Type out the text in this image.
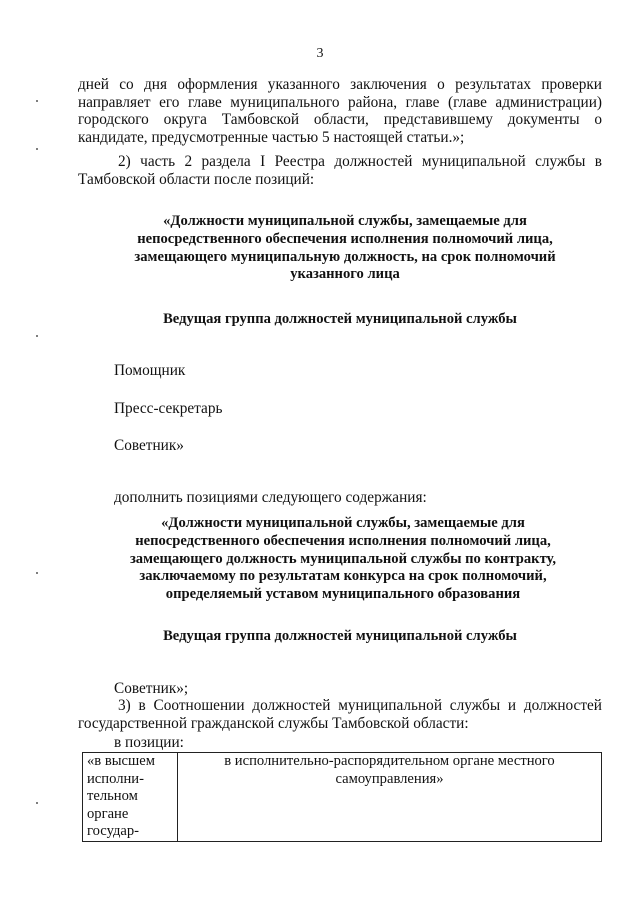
3
дней со дня оформления указанного заключения о результатах проверки направляет его главе муниципального района, главе (главе администрации) городского округа Тамбовской области, представившему документы о кандидате, предусмотренные частью 5 настоящей статьи.»;
2) часть 2 раздела I Реестра должностей муниципальной службы в Тамбовской области после позиций:
«Должности муниципальной службы, замещаемые для непосредственного обеспечения исполнения полномочий лица, замещающего муниципальную должность, на срок полномочий указанного лица
Ведущая группа должностей муниципальной службы
Помощник
Пресс-секретарь
Советник»
дополнить позициями следующего содержания:
«Должности муниципальной службы, замещаемые для непосредственного обеспечения исполнения полномочий лица, замещающего должность муниципальной службы по контракту, заключаемому по результатам конкурса на срок полномочий, определяемый уставом муниципального образования
Ведущая группа должностей муниципальной службы
Советник»;
3) в Соотношении должностей муниципальной службы и должностей государственной гражданской службы Тамбовской области:
в позиции:
«в высшем
исполни-
тельном
органе
государ-
	в исполнительно-распорядительном органе местного самоуправления»
